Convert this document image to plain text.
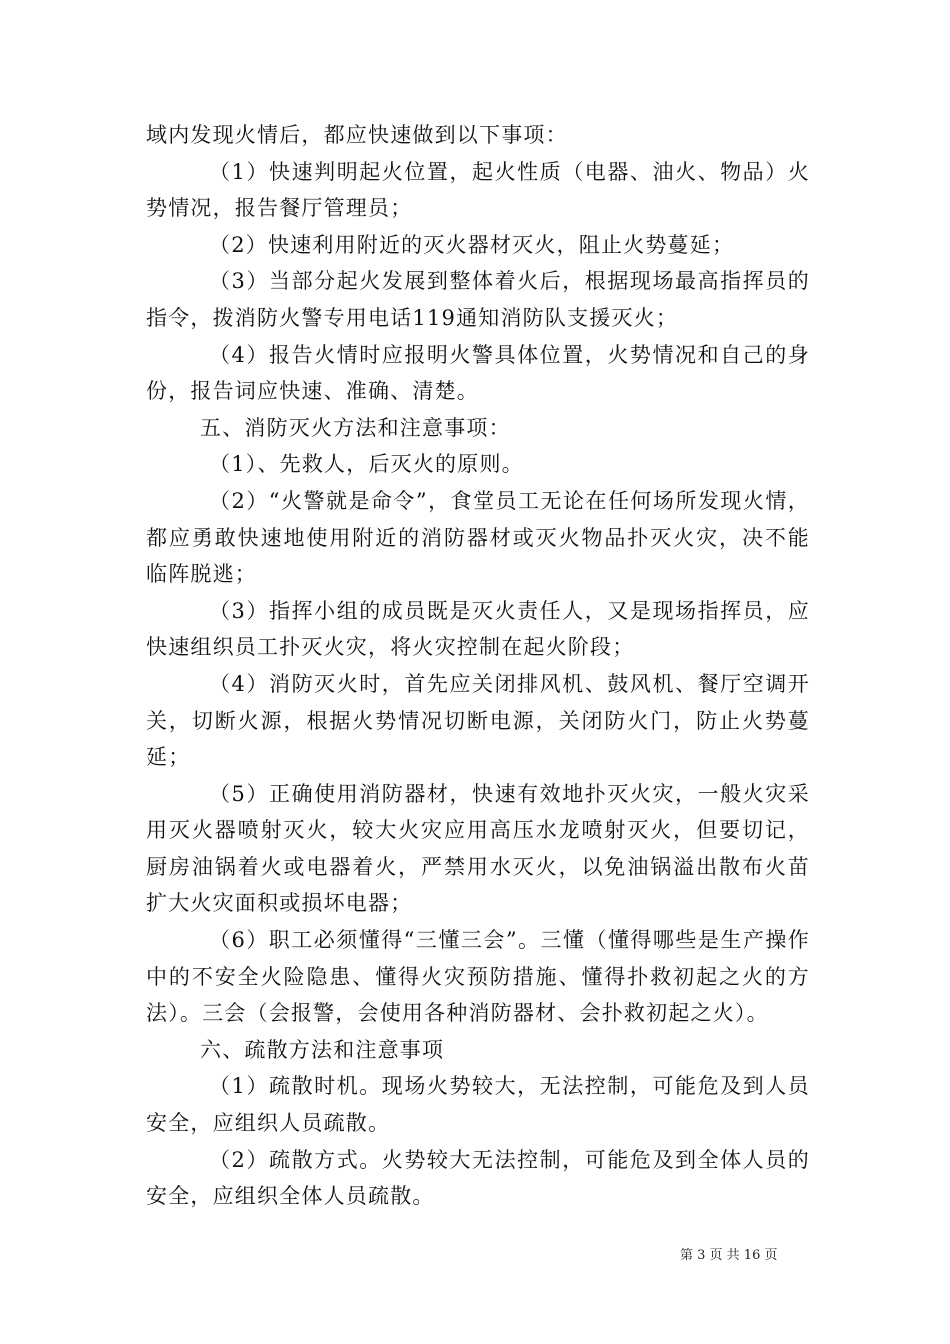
域内发现火情后，都应快速做到以下事项：

（1）快速判明起火位置，起火性质（电器、油火、物品）火势情况，报告餐厅管理员；

（2）快速利用附近的灭火器材灭火，阻止火势蔓延；

（3）当部分起火发展到整体着火后，根据现场最高指挥员的指令，拨消防火警专用电话119通知消防队支援灭火；

（4）报告火情时应报明火警具体位置，火势情况和自己的身份，报告词应快速、准确、清楚。

五、消防灭火方法和注意事项：

（1）、先救人，后灭火的原则。

（2）“火警就是命令”，食堂员工无论在任何场所发现火情，都应勇敢快速地使用附近的消防器材或灭火物品扑灭火灾，决不能临阵脱逃；

（3）指挥小组的成员既是灭火责任人，又是现场指挥员，应快速组织员工扑灭火灾，将火灾控制在起火阶段；

（4）消防灭火时，首先应关闭排风机、鼓风机、餐厅空调开关，切断火源，根据火势情况切断电源，关闭防火门，防止火势蔓延；

（5）正确使用消防器材，快速有效地扑灭火灾，一般火灾采用灭火器喷射灭火，较大火灾应用高压水龙喷射灭火，但要切记，厨房油锅着火或电器着火，严禁用水灭火，以免油锅溢出散布火苗扩大火灾面积或损坏电器；

（6）职工必须懂得“三懂三会”。三懂（懂得哪些是生产操作中的不安全火险隐患、懂得火灾预防措施、懂得扑救初起之火的方法）。三会（会报警，会使用各种消防器材、会扑救初起之火）。

六、疏散方法和注意事项

（1）疏散时机。现场火势较大，无法控制，可能危及到人员安全，应组织人员疏散。

（2）疏散方式。火势较大无法控制，可能危及到全体人员的安全，应组织全体人员疏散。

第 3 页 共 16 页
